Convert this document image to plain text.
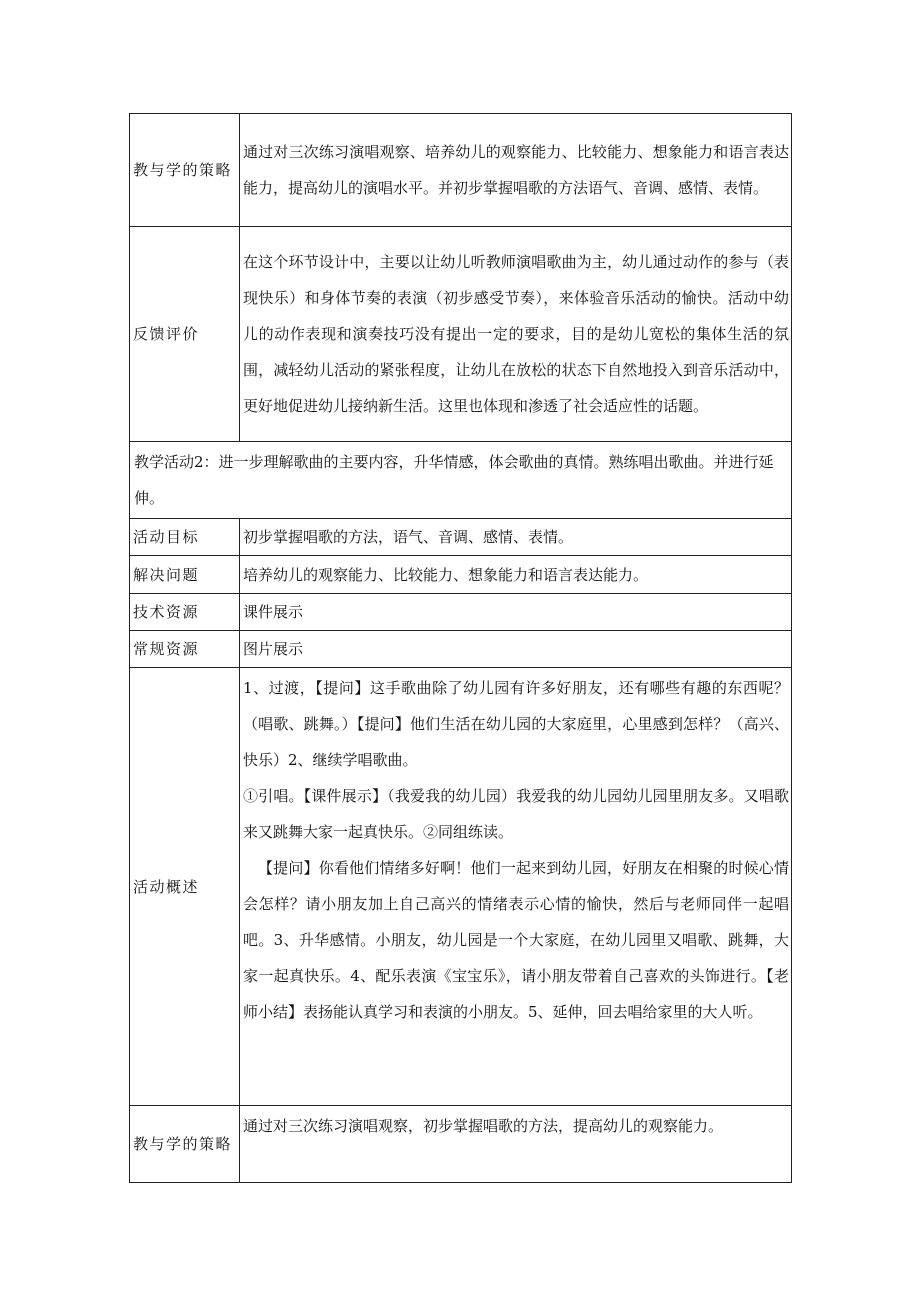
教与学的策略	通过对三次练习演唱观察、培养幼儿的观察能力、比较能力、想象能力和语言表达能力，提高幼儿的演唱水平。并初步掌握唱歌的方法语气、音调、感情、表情。
反馈评价	在这个环节设计中，主要以让幼儿听教师演唱歌曲为主，幼儿通过动作的参与（表现快乐）和身体节奏的表演（初步感受节奏），来体验音乐活动的愉快。活动中幼儿的动作表现和演奏技巧没有提出一定的要求，目的是幼儿宽松的集体生活的氛围，减轻幼儿活动的紧张程度，让幼儿在放松的状态下自然地投入到音乐活动中，更好地促进幼儿接纳新生活。这里也体现和渗透了社会适应性的话题。
教学活动2：进一步理解歌曲的主要内容，升华情感，体会歌曲的真情。熟练唱出歌曲。并进行延伸。	
活动目标	初步掌握唱歌的方法，语气、音调、感情、表情。
解决问题	培养幼儿的观察能力、比较能力、想象能力和语言表达能力。
技术资源	课件展示
常规资源	图片展示
活动概述	1、过渡，【提问】这手歌曲除了幼儿园有许多好朋友，还有哪些有趣的东西呢？（唱歌、跳舞。）【提问】他们生活在幼儿园的大家庭里，心里感到怎样？（高兴、快乐）2、继续学唱歌曲。
①引唱。【课件展示】（我爱我的幼儿园）我爱我的幼儿园幼儿园里朋友多。又唱歌来又跳舞大家一起真快乐。②同组练读。
【提问】你看他们情绪多好啊！他们一起来到幼儿园，好朋友在相聚的时候心情会怎样？请小朋友加上自己高兴的情绪表示心情的愉快，然后与老师同伴一起唱吧。3、升华感情。小朋友，幼儿园是一个大家庭，在幼儿园里又唱歌、跳舞，大家一起真快乐。4、配乐表演《宝宝乐》，请小朋友带着自己喜欢的头饰进行。【老师小结】表扬能认真学习和表演的小朋友。5、延伸，回去唱给家里的大人听。

教与学的策略	通过对三次练习演唱观察，初步掌握唱歌的方法，提高幼儿的观察能力。
